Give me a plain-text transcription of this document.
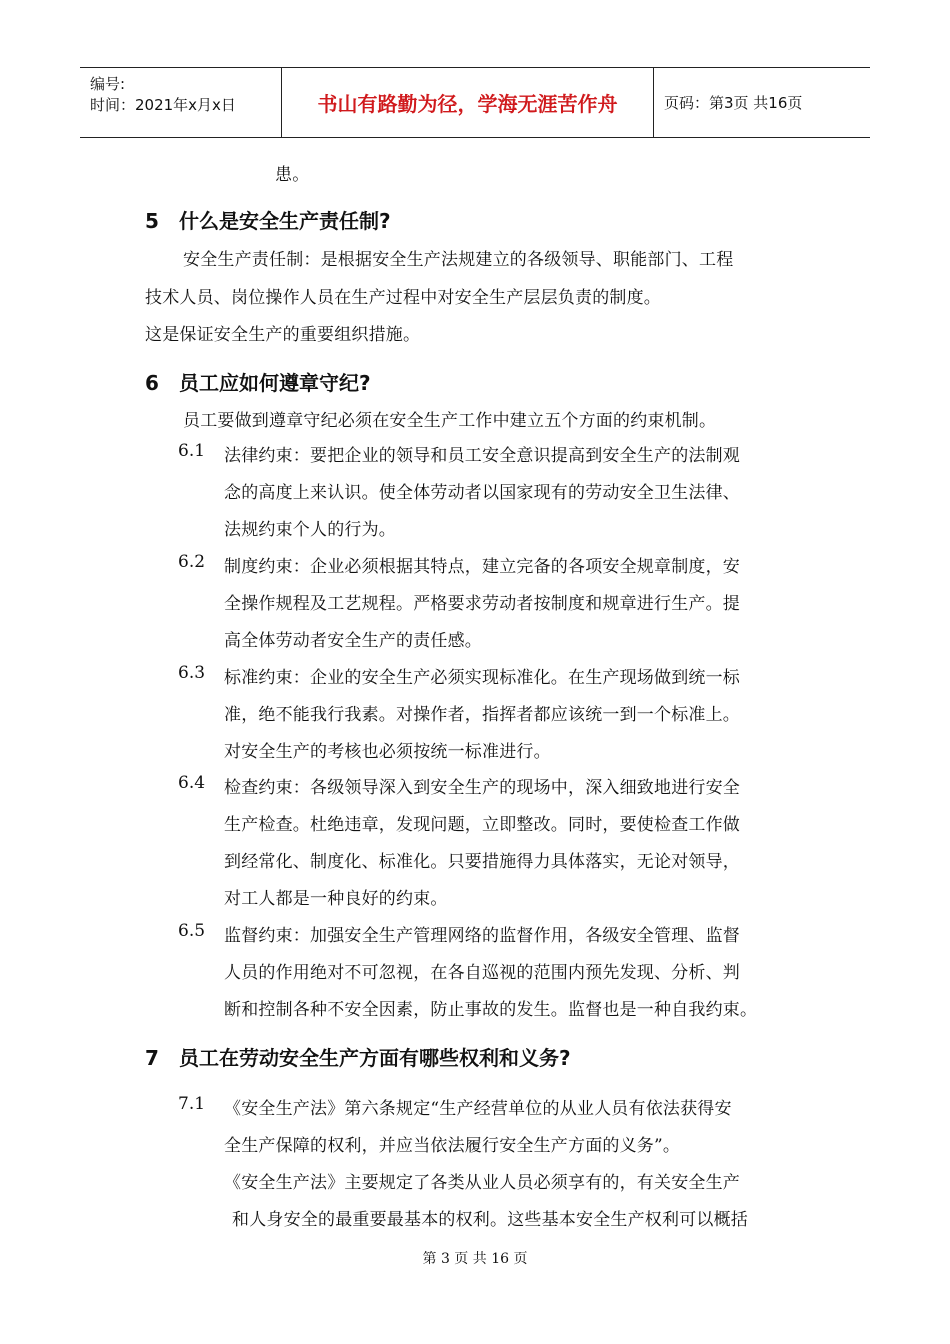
编号:
时间：2021年x月x日	书山有路勤为径，学海无涯苦作舟	页码：第3页 共16页
患。
5 什么是安全生产责任制?
安全生产责任制：是根据安全生产法规建立的各级领导、职能部门、工程
技术人员、岗位操作人员在生产过程中对安全生产层层负责的制度。
这是保证安全生产的重要组织措施。
6 员工应如何遵章守纪?
员工要做到遵章守纪必须在安全生产工作中建立五个方面的约束机制。
6.1 法律约束：要把企业的领导和员工安全意识提高到安全生产的法制观
念的高度上来认识。使全体劳动者以国家现有的劳动安全卫生法律、
法规约束个人的行为。
6.2 制度约束：企业必须根据其特点，建立完备的各项安全规章制度，安
全操作规程及工艺规程。严格要求劳动者按制度和规章进行生产。提
高全体劳动者安全生产的责任感。
6.3 标准约束：企业的安全生产必须实现标准化。在生产现场做到统一标
准，绝不能我行我素。对操作者，指挥者都应该统一到一个标准上。
对安全生产的考核也必须按统一标准进行。
6.4 检查约束：各级领导深入到安全生产的现场中，深入细致地进行安全
生产检查。杜绝违章，发现问题，立即整改。同时，要使检查工作做
到经常化、制度化、标准化。只要措施得力具体落实，无论对领导，
对工人都是一种良好的约束。
6.5 监督约束：加强安全生产管理网络的监督作用，各级安全管理、监督
人员的作用绝对不可忽视，在各自巡视的范围内预先发现、分析、判
断和控制各种不安全因素，防止事故的发生。监督也是一种自我约束。
7 员工在劳动安全生产方面有哪些权利和义务?
7.1 《安全生产法》第六条规定“生产经营单位的从业人员有依法获得安
全生产保障的权利，并应当依法履行安全生产方面的义务”。
《安全生产法》主要规定了各类从业人员必须享有的，有关安全生产
和人身安全的最重要最基本的权利。这些基本安全生产权利可以概括
第 3 页 共 16 页
